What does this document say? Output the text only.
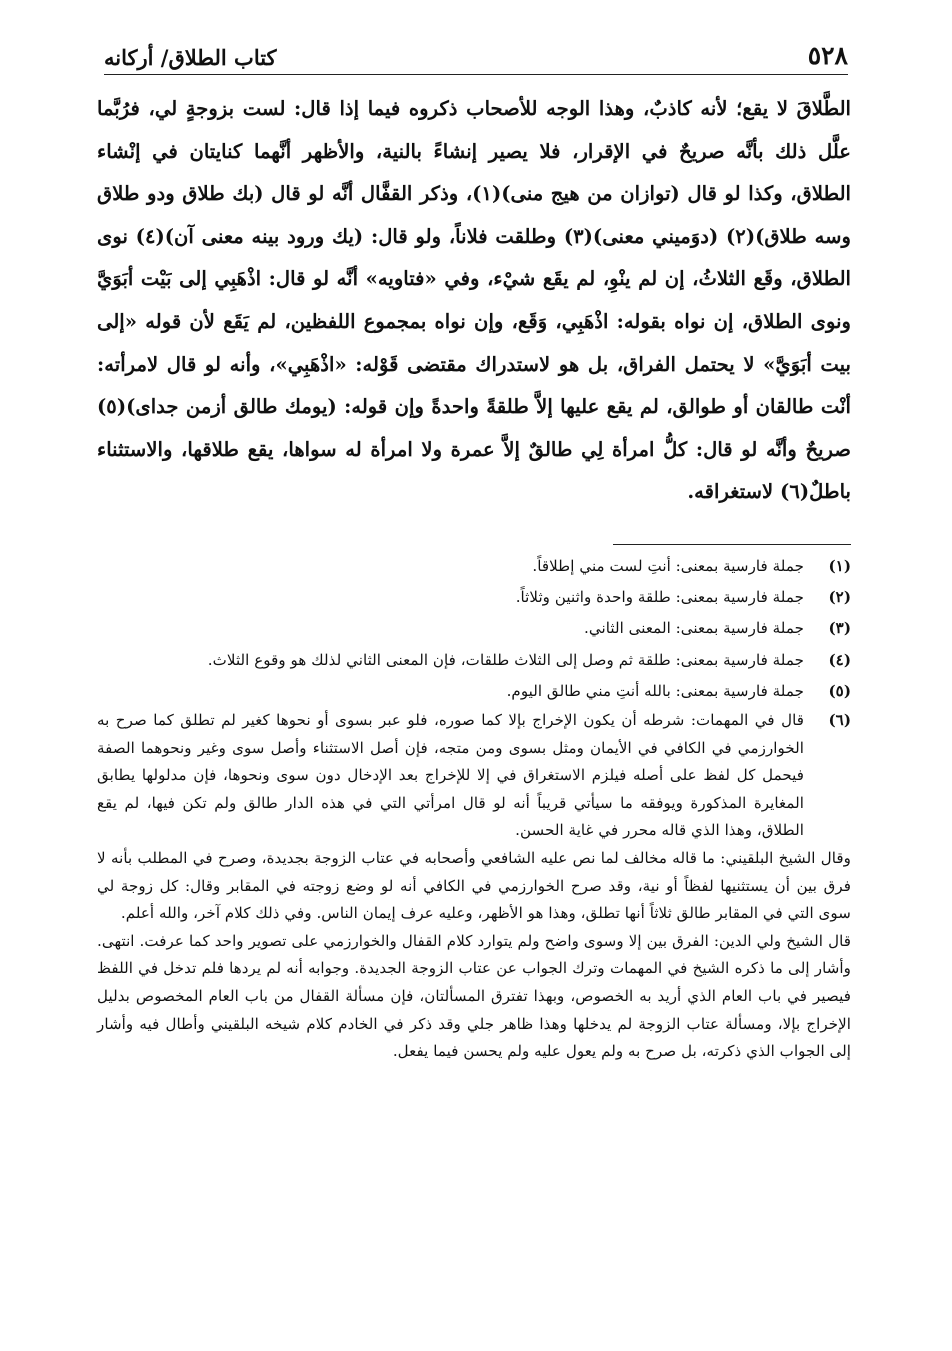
٥٢٨
كتاب الطلاق/ أركانه

الطَّلاقَ لا يقع؛ لأنه كاذبٌ، وهذا الوجه للأصحاب ذكروه فيما إذا قال: لست بزوجةٍ لي، فرُبَّما علَّل ذلك بأنَّه صريحٌ في الإقرار، فلا يصير إنشاءً بالنية، والأظهر أنَّهما كنايتان في إنْشاء الطلاق، وكذا لو قال (توازان من هيج منى)(١)، وذكر القفَّال أنَّه لو قال (بك طلاق ودو طلاق وسه طلاق)(٢) (دوَميني معنى)(٣) وطلقت فلاناً، ولو قال: (يك ورود بينه معنى آن)(٤) نوى الطلاق، وقَع الثلاثُ، إن لم ينْوِ، لم يقَع شيْء، وفي «فتاويه» أنَّه لو قال: اذْهَبِي إلى بَيْت أبَوَيَّ ونوى الطلاق، إن نواه بقوله: اذْهَبِي، وَقَع، وإن نواه بمجموع اللفظين، لم يَقَع لأن قوله «إلى بيت أبَوَيَّ» لا يحتمل الفراق، بل هو لاستدراك مقتضى قَوْله: «اذْهَبِي»، وأنه لو قال لامرأته: أنْت طالقان أو طوالق، لم يقع عليها إلاَّ طلقةً واحدةً وإن قوله: (يومك طالق أزمن جداى)(٥) صريحٌ وأنَّه لو قال: كلُّ امرأة لِي طالقٌ إلاَّ عمرة ولا امرأة له سواها، يقع طلاقها، والاستثناء باطلٌ(٦) لاستغراقه.

(١)
جملة فارسية بمعنى: أنتِ لست مني إطلاقاً.
(٢)
جملة فارسية بمعنى: طلقة واحدة واثنين وثلاثاً.
(٣)
جملة فارسية بمعنى: المعنى الثاني.
(٤)
جملة فارسية بمعنى: طلقة ثم وصل إلى الثلاث طلقات، فإن المعنى الثاني لذلك هو وقوع الثلاث.
(٥)
جملة فارسية بمعنى: بالله أنتِ مني طالق اليوم.
(٦)

قال في المهمات: شرطه أن يكون الإخراج بإلا كما صوره، فلو عبر بسوى أو نحوها كغير لم تطلق كما صرح به الخوارزمي في الكافي في الأيمان ومثل بسوى ومن متجه، فإن أصل الاستثناء وأصل سوى وغير ونحوهما الصفة فيحمل كل لفظ على أصله فيلزم الاستغراق في إلا للإخراج بعد الإدخال دون سوى ونحوها، فإن مدلولها يطابق المغايرة المذكورة ويوفقه ما سيأتي قريباً أنه لو قال امرأتي التي في هذه الدار طالق ولم تكن فيها، لم يقع الطلاق، وهذا الذي قاله محرر في غاية الحسن.

وقال الشيخ البلقيني: ما قاله مخالف لما نص عليه الشافعي وأصحابه في عتاب الزوجة بجديدة، وصرح في المطلب بأنه لا فرق بين أن يستثنيها لفظاً أو نية، وقد صرح الخوارزمي في الكافي أنه لو وضع زوجته في المقابر وقال: كل زوجة لي سوى التي في المقابر طالق ثلاثاً أنها تطلق، وهذا هو الأظهر، وعليه عرف إيمان الناس. وفي ذلك كلام آخر، والله أعلم.

قال الشيخ ولي الدين: الفرق بين إلا وسوى واضح ولم يتوارد كلام القفال والخوارزمي على تصوير واحد كما عرفت. انتهى. وأشار إلى ما ذكره الشيخ في المهمات وترك الجواب عن عتاب الزوجة الجديدة. وجوابه أنه لم يردها فلم تدخل في اللفظ فيصير في باب العام الذي أريد به الخصوص، وبهذا تفترق المسألتان، فإن مسألة القفال من باب العام المخصوص بدليل الإخراج بإلا، ومسألة عتاب الزوجة لم يدخلها وهذا ظاهر جلي وقد ذكر في الخادم كلام شيخه البلقيني وأطال فيه وأشار إلى الجواب الذي ذكرته، بل صرح به ولم يعول عليه ولم يحسن فيما يفعل.
